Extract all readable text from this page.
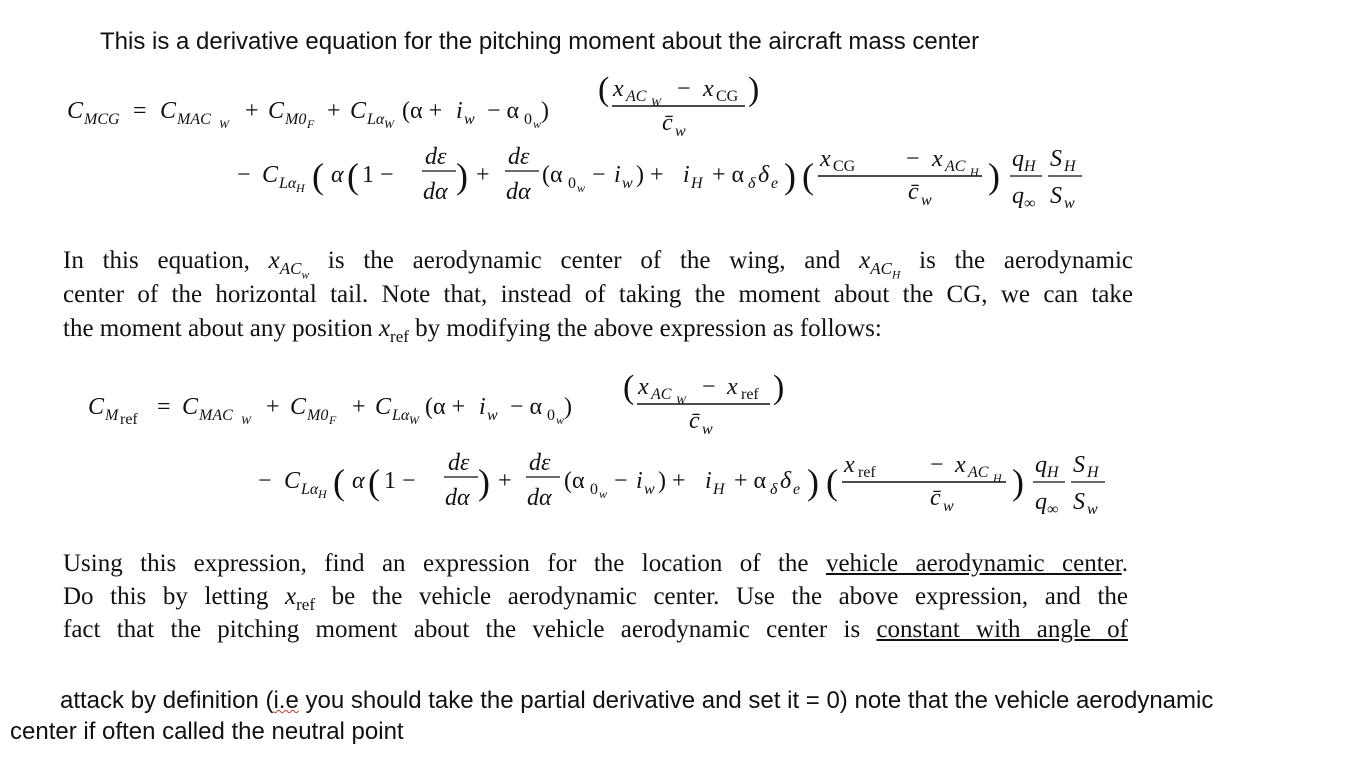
This is a derivative equation for the pitching moment about the aircraft mass center
C MCG = C MAC W + C M0 F + C Lα W (α + i w − α 0 w )
( x AC W − x CG
c̄ w
)
− C Lα H ( α ( 1 −
dε
dα ) +
dε
dα
(α 0 w − i w ) + i H + α δ δ e ) ( x CG − x AC H
c̄ w
) q H
q ∞
S H
S w
C M ref = C MAC W + C M0 F + C Lα W (α + i w − α 0 w )
( x AC W − x ref
c̄ w
)
− C Lα H ( α ( 1 −
dε
dα ) +
dε
dα
(α 0 w − i w ) + i H + α δ δ e ) ( x ref − x AC H
c̄ w
) q H
q ∞
S H
S w
In this equation, $x_{AC_w}$ is the aerodynamic center of the wing, and $x_{AC_H}$ is the aerodynamic
center of the horizontal tail. Note that, instead of taking the moment about the CG, we can take
the moment about any position $x_{ref}$ by modifying the above expression as follows:
Using this expression, find an expression for the location of the vehicle aerodynamic center.
Do this by letting $x_{ref}$ be the vehicle aerodynamic center. Use the above expression, and the
fact that the pitching moment about the vehicle aerodynamic center is constant with angle of
attack by definition (i.e you should take the partial derivative and set it = 0) note that the vehicle aerodynamic
center if often called the neutral point
